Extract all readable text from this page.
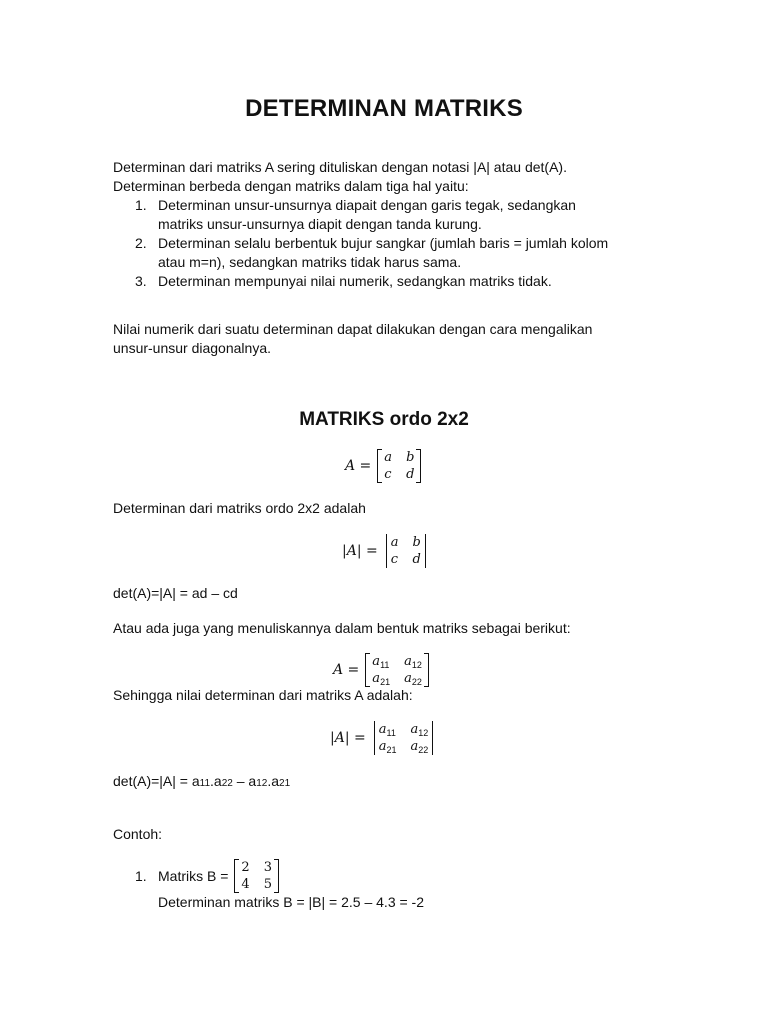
DETERMINAN MATRIKS
Determinan dari matriks A sering dituliskan dengan notasi |A| atau det(A).
Determinan berbeda dengan matriks dalam tiga hal yaitu:
1. Determinan unsur-unsurnya diapait dengan garis tegak, sedangkan
matriks unsur-unsurnya diapit dengan tanda kurung.
2. Determinan selalu berbentuk bujur sangkar (jumlah baris = jumlah kolom
atau m=n), sedangkan matriks tidak harus sama.
3. Determinan mempunyai nilai numerik, sedangkan matriks tidak.
Nilai numerik dari suatu determinan dapat dilakukan dengan cara mengalikan
unsur-unsur diagonalnya.
MATRIKS ordo 2x2
A = a b
c d
Determinan dari matriks ordo 2x2 adalah
|A| = a b
c d
det(A)=|A| = ad – cd
Atau ada juga yang menuliskannya dalam bentuk matriks sebagai berikut:
$A = a_{11}$ $a_{12}$
$a_{21}$ $a_{22}$
Sehingga nilai determinan dari matriks A adalah:
$|A| = a_{11}$ $a_{12}$
$a_{21}$ $a_{22}$
det(A)=|A| = a11.a22 – a12.a21
Contoh:
1. Matriks B = 2 3
4 5
Determinan matriks B = |B| = 2.5 – 4.3 = -2
